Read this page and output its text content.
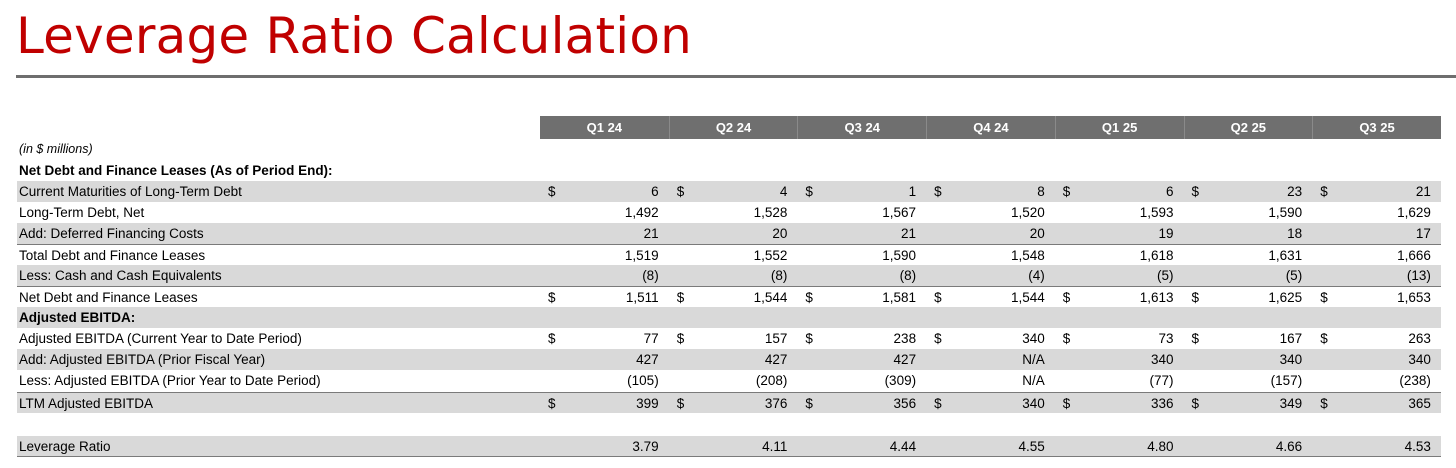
Leverage Ratio Calculation
Q1 24	Q2 24	Q3 24	Q4 24	Q1 25	Q2 25	Q3 25
(in $ millions)
Net Debt and Finance Leases (As of Period End):
Current Maturities of Long-Term Debt	$	6 $	4 $	1 $	8 $	6 $	23 $	21
Long-Term Debt, Net	1,492	1,528	1,567	1,520	1,593	1,590	1,629
Add: Deferred Financing Costs	21	20	21	20	19	18	17
Total Debt and Finance Leases	1,519	1,552	1,590	1,548	1,618	1,631	1,666
Less: Cash and Cash Equivalents	(8)	(8)	(8)	(4)	(5)	(5)	(13)
Net Debt and Finance Leases	$	1,511 $	1,544 $	1,581 $	1,544 $	1,613 $	1,625 $	1,653
Adjusted EBITDA:
Adjusted EBITDA (Current Year to Date Period)	$	77 $	157 $	238 $	340 $	73 $	167 $	263
Add: Adjusted EBITDA (Prior Fiscal Year)	427	427	427	N/A	340	340	340
Less: Adjusted EBITDA (Prior Year to Date Period)	(105)	(208)	(309)	N/A	(77)	(157)	(238)
LTM Adjusted EBITDA	$	399 $	376 $	356 $	340 $	336 $	349 $	365
Leverage Ratio	3.79	4.11	4.44	4.55	4.80	4.66	4.53
